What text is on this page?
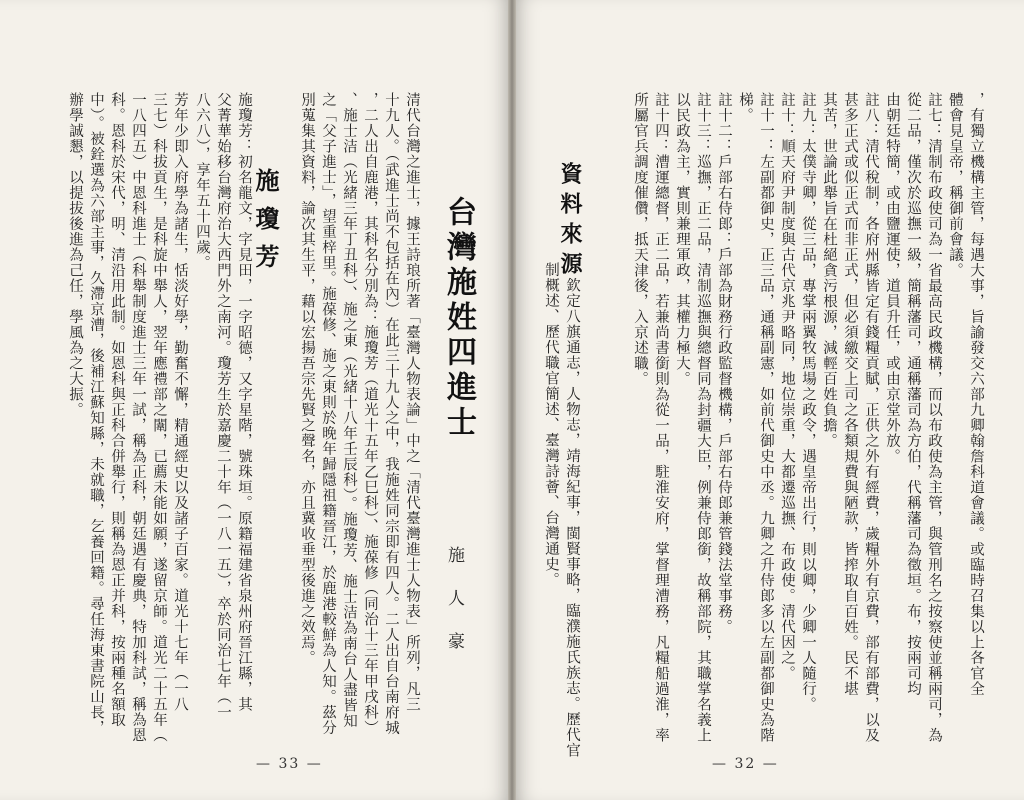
施瓊芳：初名龍文，字見田，一字昭德，又字星階，號珠垣。原籍福建省泉州府晉江縣，其
父菁華始移台灣府治大西門外之南河。瓊芳生於嘉慶二十年（一八一五），卒於同治七年（一
八六八），享年五十四歲。
芳年少即入府學為諸生，恬淡好學，勤奮不懈，精通經史以及諸子百家。道光十七年（一八
三七）科拔貢生，是科旋中舉人，翌年應禮部之闈，已薦未能如願，遂留京師。道光二十五年（
一八四五）中恩科進士（科舉制度進士三年一試，稱為正科，朝廷遇有慶典，特加科試，稱為恩
科。恩科於宋代，明、清沿用此制。如恩科與正科合併舉行，則稱為恩正并科，按兩種名額取
中）。被銓選為六部主事，久滯京漕，後補江蘇知縣，未就職，乞養回籍。尋任海東書院山長，
辦學誠懇，以提拔後進為己任，學風為之大振。	施瓊芳	清代台灣之進士，據王詩琅所著「臺灣人物表論」中之「清代臺灣進士人物表」所列，凡三
十九人。（武進士尚不包括在內）在此三十九人之中，我施姓同宗即有四人。二人出自台南府城
，二人出自鹿港，其科名分別為：施瓊芳（道光十五年乙巳科）、施葆修（同治十三年甲戌科）
、施士洁（光緒三年丁丑科）、施之東（光緒十八年壬辰科）。施瓊芳、施士洁為南台人盡皆知
之「父子進士」，望重梓里。施葆修、施之東則於晚年歸隱祖籍晉江，於鹿港較鮮為人知。茲分
別蒐集其資料，論次其生平，藉以宏揚吾宗先賢之聲名，亦且冀收垂型後進之效焉。	台灣施姓四進士
施人豪
— 33 —
：欽定八旗通志，人物志，靖海紀事，閩賢事略，臨濮施氏族志。歷代官
制概述、歷代職官簡述、臺灣詩薈、台灣通史。
資料來源	，有獨立機構主管，每遇大事，旨諭發交六部九卿翰詹科道會議。或臨時召集以上各官全
體會見皇帝，稱御前會議。
註七：清制布政使司為一省最高民政機構，而以布政使為主管，與管刑名之按察使並稱兩司，為
從二品，僅次於巡撫一級，簡稱藩司，通稱藩司為方伯，代稱藩司為徵垣。布，按兩司均
由朝廷特簡，或由鹽運使，道員升任，或由京堂外放。
註八：清代稅制，各府州縣皆定有錢糧貢賦，正供之外有經費，歲糧外有京費，部有部費，以及
甚多正式或似正式而非正式，但必須繳交上司之各類規費與陋款，皆搾取自百姓。民不堪
其苦，世論此舉旨在杜絕貪污根源，減輕百姓負擔。
註九：太僕寺卿，從三品，專掌兩翼牧馬場之政令，遇皇帝出行，則以卿，少卿一人隨行。
註十：順天府尹制度與古代京兆尹略同，地位崇重，大都遷巡撫、布政使。清代因之。
註十一：左副都御史，正三品，通稱副憲，如前代御史中丞。九卿之升侍郎多以左副都御史為階
梯。
註十二：戶部右侍郎：戶部為財務行政監督機構，戶部右侍郎兼管錢法堂事務。
註十三：巡撫，正二品，清制巡撫與總督同為封疆大臣，例兼侍郎銜，故稱部院，其職掌名義上
以民政為主，實則兼理軍政，其權力極大。
註十四：漕運總督，正二品，若兼尚書銜則為從一品，駐淮安府，掌督理漕務，凡糧船過淮，率
所屬官兵調度催儹，抵天津後，入京述職。
— 32 —
